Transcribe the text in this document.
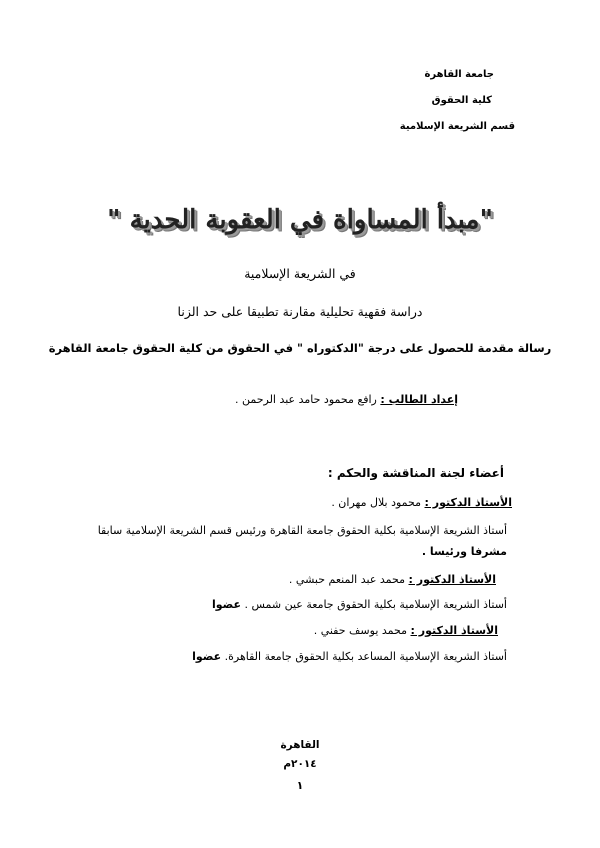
جامعة القاهرة
كلية الحقوق
قسم الشريعة الإسلامية
"مبدأ المساواة في العقوبة الحدية "
في الشريعة الإسلامية
دراسة فقهية تحليلية مقارنة تطبيقا على حد الزنا
رسالة مقدمة للحصول على درجة "الدكتوراه " في الحقوق من كلية الحقوق جامعة القاهرة
إعداد الطالب : رافع محمود حامد عبد الرحمن .
أعضاء لجنة المناقشة والحكم :
الأستاذ الدكتور : محمود بلال مهران .
أستاذ الشريعة الإسلامية بكلية الحقوق جامعة القاهرة ورئيس قسم الشريعة الإسلامية سابقا
مشرفا ورئيسا .
الأستاذ الدكتور : محمد عبد المنعم حبشي .
أستاذ الشريعة الإسلامية بكلية الحقوق جامعة عين شمس . عضوا
الأستاذ الدكتور : محمد يوسف حفني .
أستاذ الشريعة الإسلامية المساعد بكلية الحقوق جامعة القاهرة. عضوا
القاهرة
٢٠١٤م
١
